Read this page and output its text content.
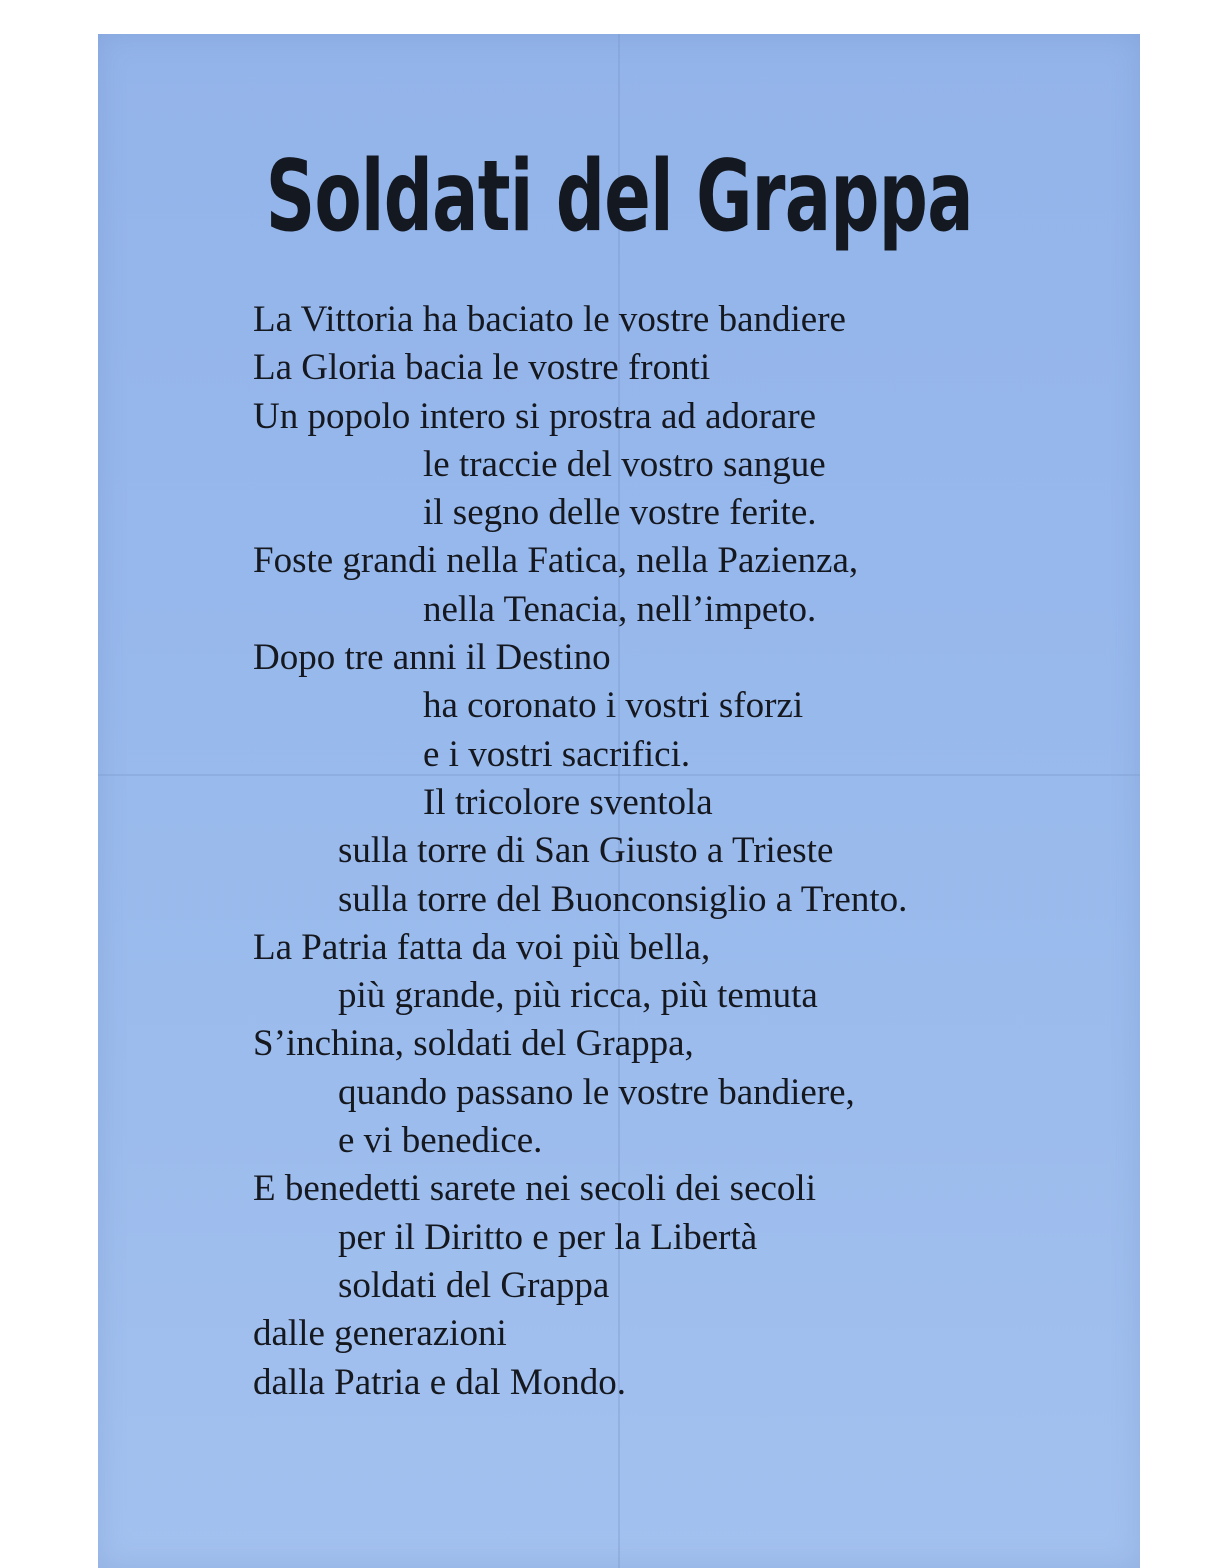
Soldati del Grappa
La Vittoria ha baciato le vostre bandiere
La Gloria bacia le vostre fronti
Un popolo intero si prostra ad adorare
le traccie del vostro sangue
il segno delle vostre ferite.
Foste grandi nella Fatica, nella Pazienza,
nella Tenacia, nell’impeto.
Dopo tre anni il Destino
ha coronato i vostri sforzi
e i vostri sacrifici.
Il tricolore sventola
sulla torre di San Giusto a Trieste
sulla torre del Buonconsiglio a Trento.
La Patria fatta da voi più bella,
più grande, più ricca, più temuta
S’inchina, soldati del Grappa,
quando passano le vostre bandiere,
e vi benedice.
E benedetti sarete nei secoli dei secoli
per il Diritto e per la Libertà
soldati del Grappa
dalle generazioni
dalla Patria e dal Mondo.
